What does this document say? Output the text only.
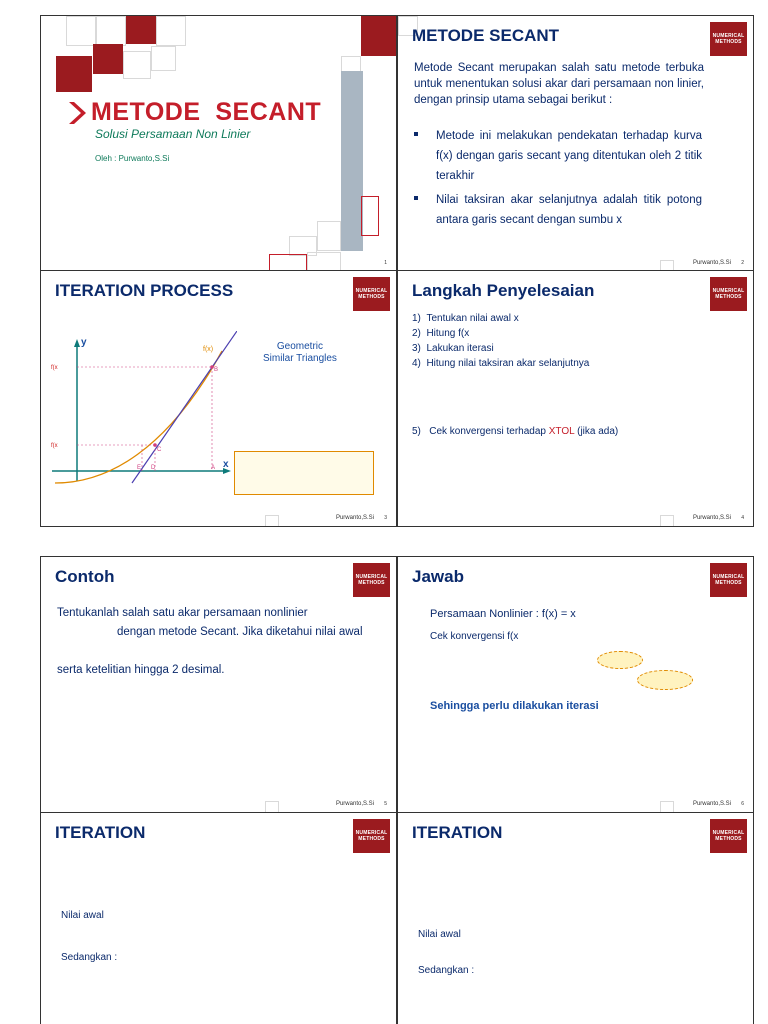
METODE  SECANT
Solusi Persamaan Non Linier
Oleh : Purwanto,S.Si
1
METODE SECANT	NUMERICAL
METHODS
Metode Secant merupakan salah satu metode terbuka untuk menentukan solusi akar dari persamaan non linier, dengan prinsip utama sebagai berikut :
Metode ini melakukan pendekatan terhadap kurva f(x) dengan garis secant yang ditentukan oleh 2 titik terakhir
Nilai taksiran akar selanjutnya adalah titik potong antara garis secant dengan sumbu x
Purwanto,S.Si 2
ITERATION PROCESS	NUMERICAL
METHODS
y
x
f(x)
f(x
f(x
B
C
E D	A
Geometric
Similar Triangles
Purwanto,S.Si 3
Langkah Penyelesaian	NUMERICAL
METHODS
1)  Tentukan nilai awal x
2)  Hitung f(x
3)  Lakukan iterasi
4)  Hitung nilai taksiran akar selanjutnya
5)   Cek konvergensi terhadap XTOL (jika ada)
Purwanto,S.Si 4
Contoh	NUMERICAL
METHODS
Tentukanlah salah satu akar persamaan nonlinier
dengan metode Secant. Jika diketahui nilai awal
serta ketelitian hingga 2 desimal.
Purwanto,S.Si 5
Jawab	NUMERICAL
METHODS
Persamaan Nonlinier : f(x) = x
Cek konvergensi f(x
Sehingga perlu dilakukan iterasi
Purwanto,S.Si 6
ITERATION	NUMERICAL
METHODS
Nilai awal
Sedangkan :
ITERATION	NUMERICAL
METHODS
Nilai awal
Sedangkan :
